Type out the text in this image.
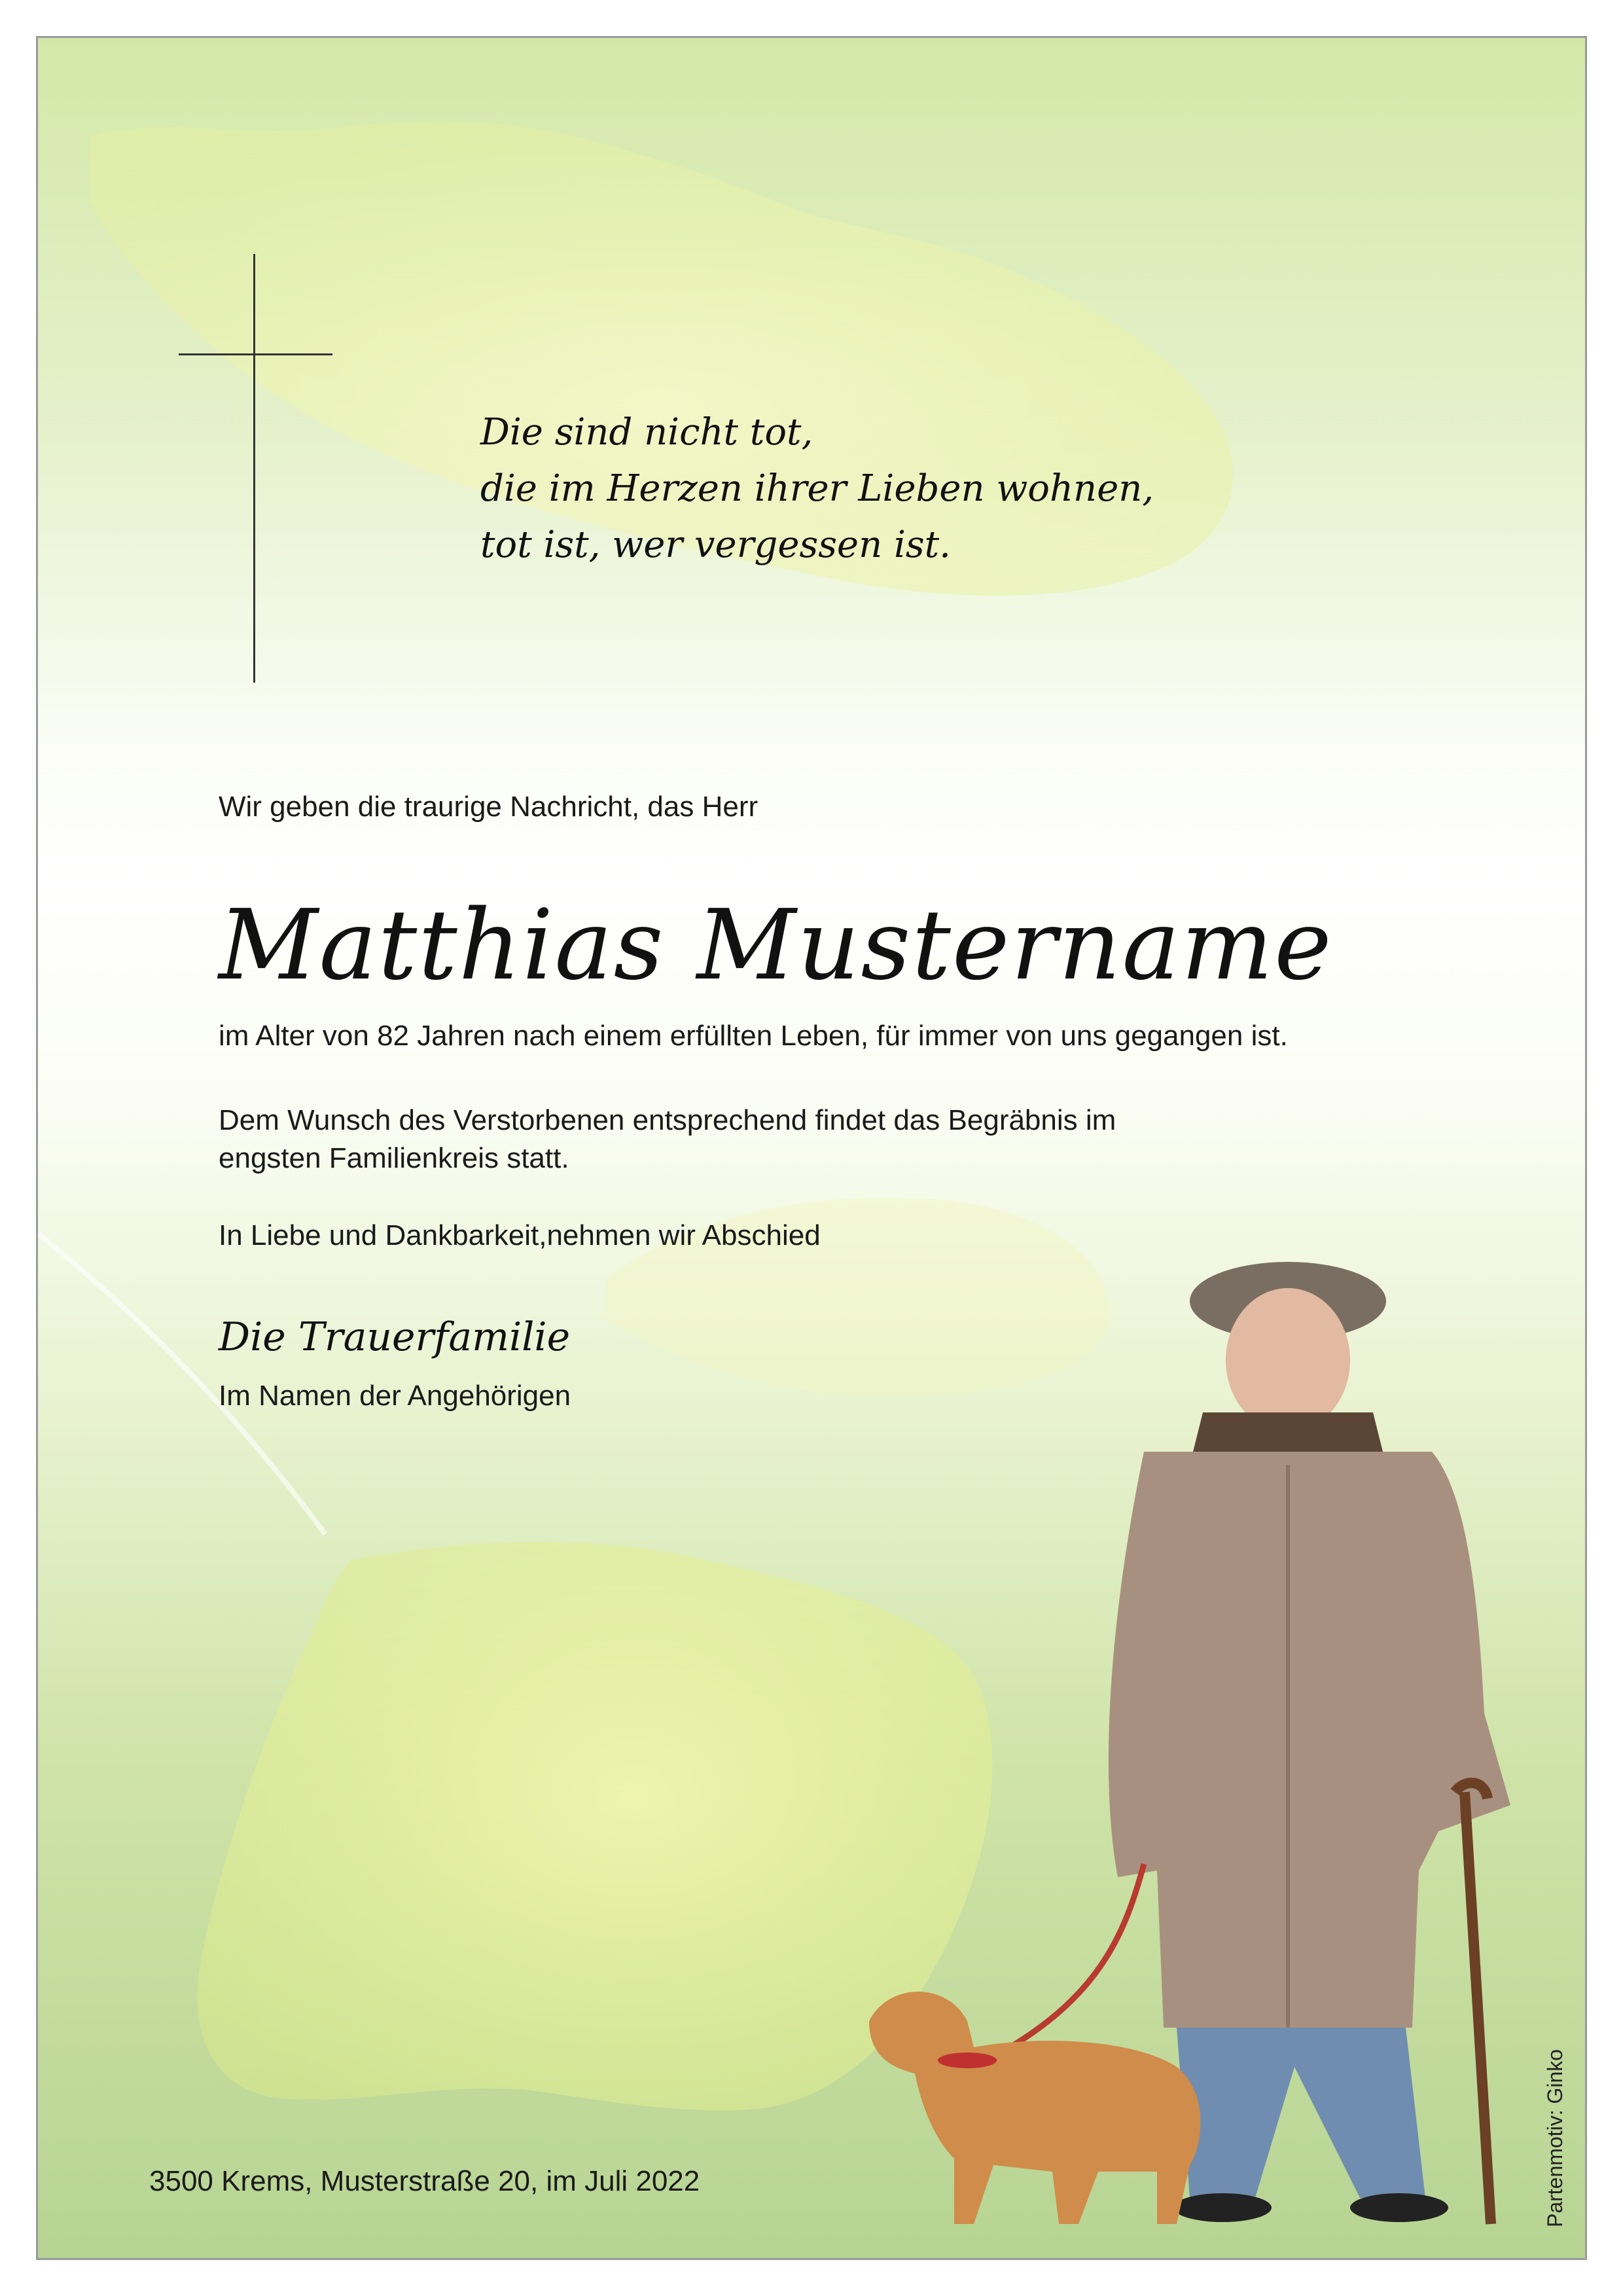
Die sind nicht tot,
die im Herzen ihrer Lieben wohnen,
tot ist, wer vergessen ist.
Wir geben die traurige Nachricht, das Herr
Matthias Mustername
im Alter von 82 Jahren nach einem erfüllten Leben, für immer von uns gegangen ist.
Dem Wunsch des Verstorbenen entsprechend findet das Begräbnis im
engsten Familienkreis statt.
In Liebe und Dankbarkeit,nehmen wir Abschied
Die Trauerfamilie
Im Namen der Angehörigen
3500 Krems, Musterstraße 20, im Juli 2022	Partenmotiv: Ginko
